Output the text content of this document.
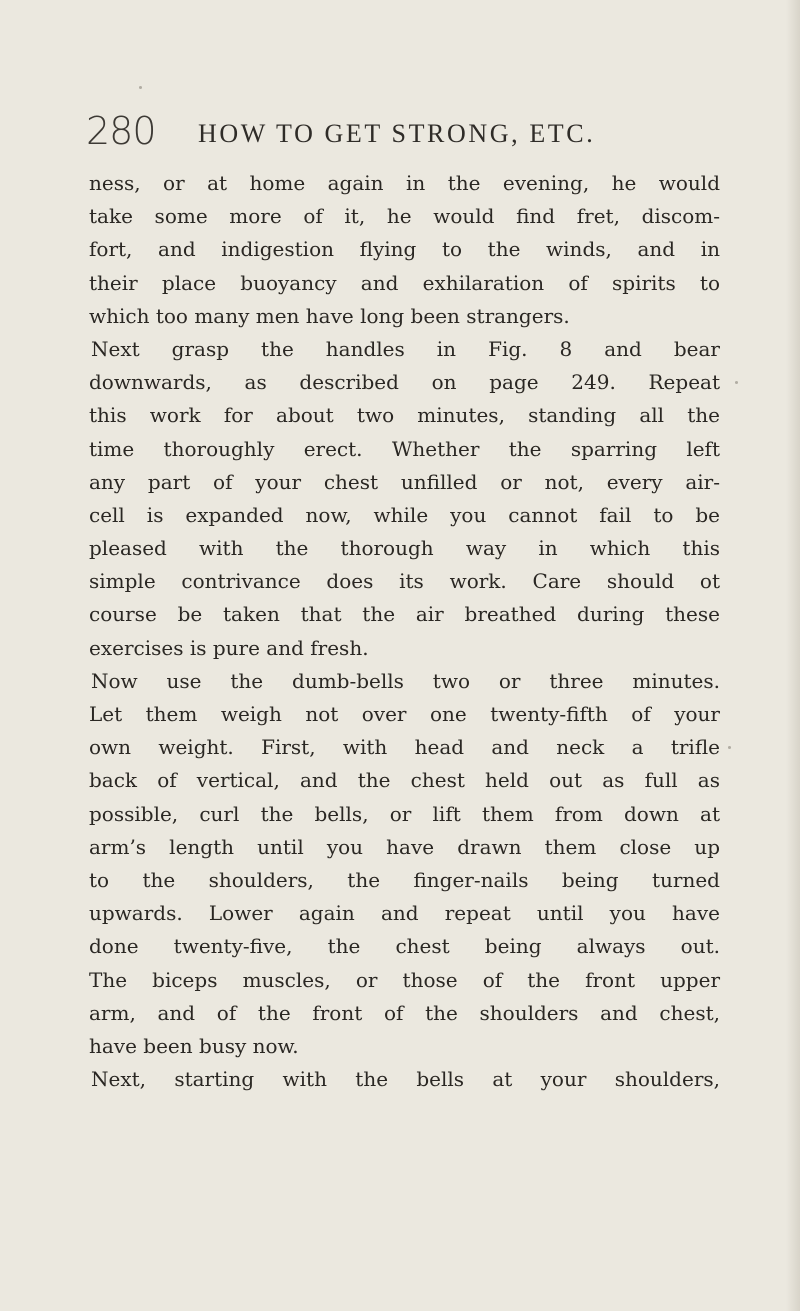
280 HOW TO GET STRONG, ETC.
ness, or at home again in the evening, he would
take some more of it, he would find fret, discom-
fort, and indigestion flying to the winds, and in
their place buoyancy and exhilaration of spirits to
which too many men have long been strangers.
Next grasp the handles in Fig. 8 and bear
downwards, as described on page 249. Repeat
this work for about two minutes, standing all the
time thoroughly erect. Whether the sparring left
any part of your chest unfilled or not, every air-
cell is expanded now, while you cannot fail to be
pleased with the thorough way in which this
simple contrivance does its work. Care should ot
course be taken that the air breathed during these
exercises is pure and fresh.
Now use the dumb-bells two or three minutes.
Let them weigh not over one twenty-fifth of your
own weight. First, with head and neck a trifle
back of vertical, and the chest held out as full as
possible, curl the bells, or lift them from down at
arm’s length until you have drawn them close up
to the shoulders, the finger-nails being turned
upwards. Lower again and repeat until you have
done twenty-five, the chest being always out.
The biceps muscles, or those of the front upper
arm, and of the front of the shoulders and chest,
have been busy now.
Next, starting with the bells at your shoulders,
